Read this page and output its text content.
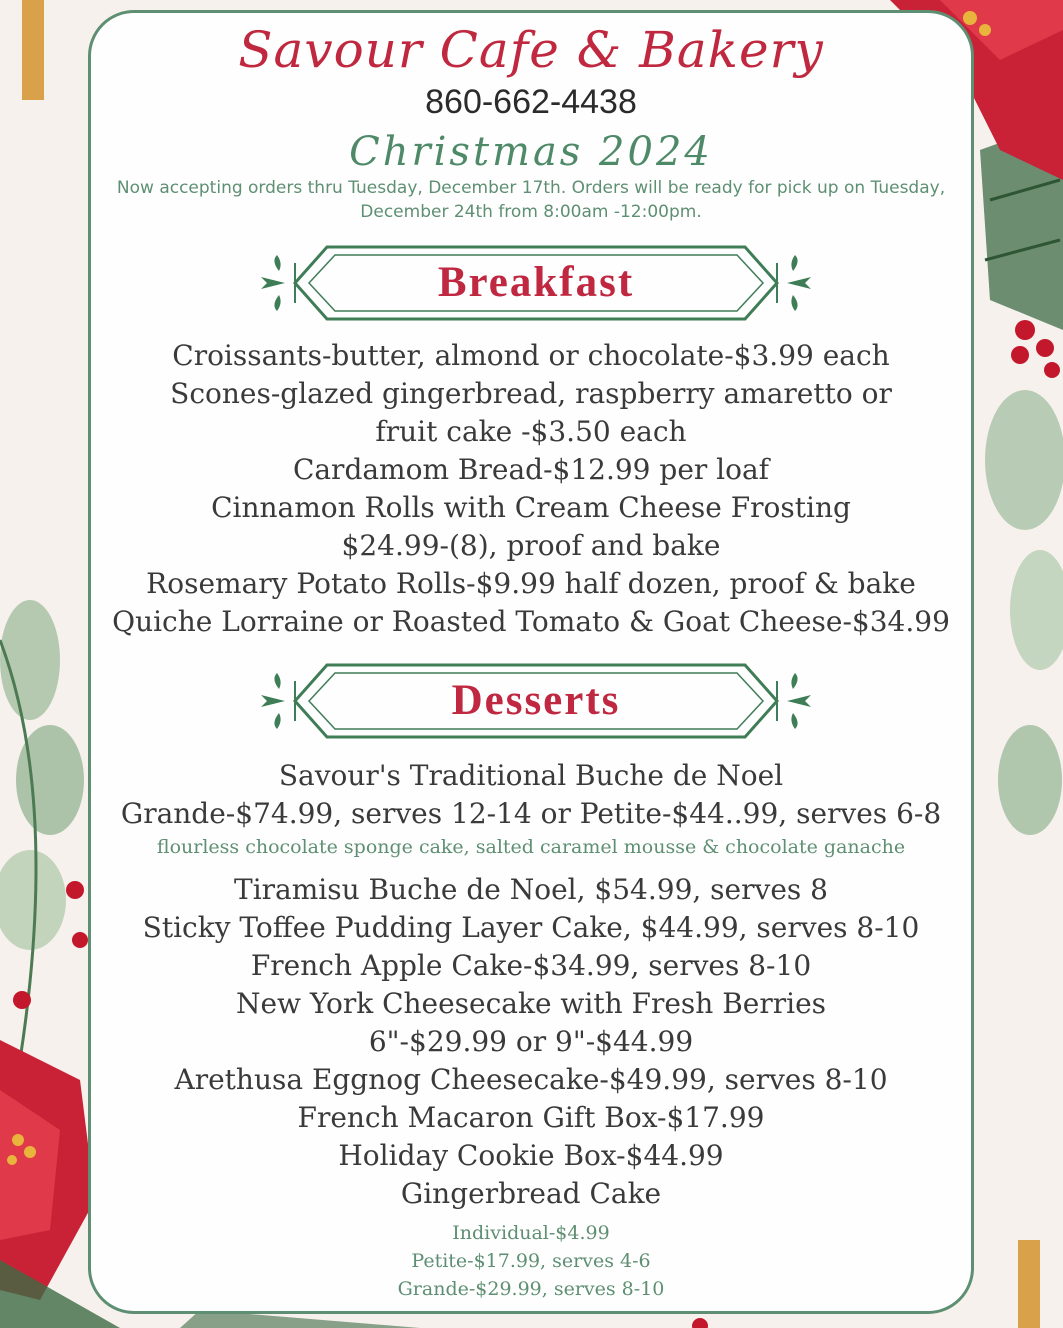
Savour Cafe & Bakery
860-662-4438
Christmas 2024
Now accepting orders thru Tuesday, December 17th. Orders will be ready for pick up on Tuesday, December 24th from 8:00am -12:00pm.
Breakfast
Croissants-butter, almond or chocolate-$3.99 each
Scones-glazed gingerbread, raspberry amaretto or
fruit cake -$3.50 each
Cardamom Bread-$12.99 per loaf
Cinnamon Rolls with Cream Cheese Frosting
$24.99-(8), proof and bake
Rosemary Potato Rolls-$9.99 half dozen, proof & bake
Quiche Lorraine or Roasted Tomato & Goat Cheese-$34.99
Desserts
Savour's Traditional Buche de Noel
Grande-$74.99, serves 12-14 or Petite-$44..99, serves 6-8
flourless chocolate sponge cake, salted caramel mousse & chocolate ganache
Tiramisu Buche de Noel, $54.99, serves 8
Sticky Toffee Pudding Layer Cake, $44.99, serves 8-10
French Apple Cake-$34.99, serves 8-10
New York Cheesecake with Fresh Berries
6"-$29.99 or 9"-$44.99
Arethusa Eggnog Cheesecake-$49.99, serves 8-10
French Macaron Gift Box-$17.99
Holiday Cookie Box-$44.99
Gingerbread Cake
Individual-$4.99
Petite-$17.99, serves 4-6
Grande-$29.99, serves 8-10
